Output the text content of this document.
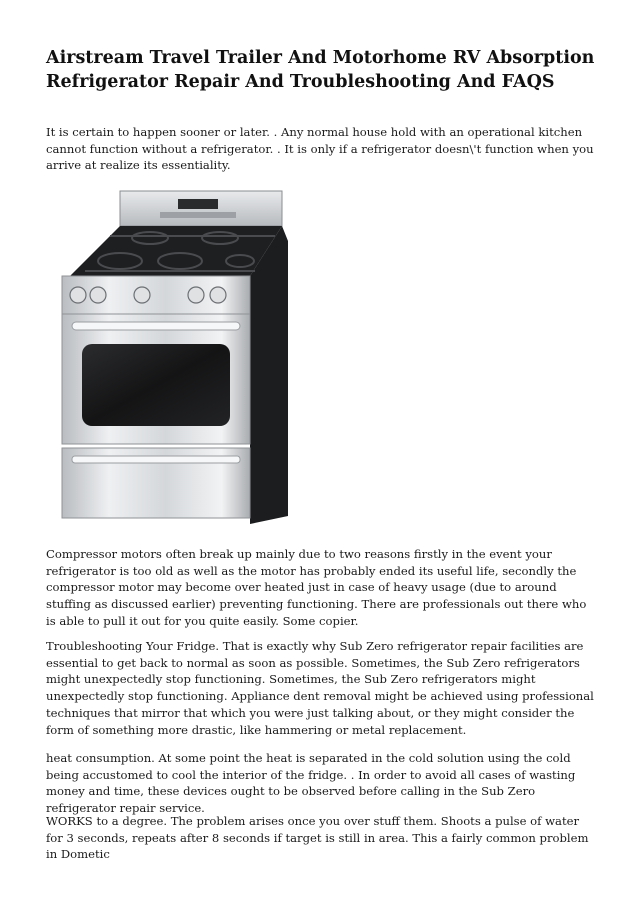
Airstream Travel Trailer And Motorhome RV Absorption Refrigerator Repair And Troubleshooting And FAQS

It is certain to happen sooner or later. . Any normal house hold with an operational kitchen cannot function without a refrigerator. . It is only if a refrigerator doesn\'t function when you arrive at realize its essentiality.

Compressor motors often break up mainly due to two reasons firstly in the event your refrigerator is too old as well as the motor has probably ended its useful life, secondly the compressor motor may become over heated just in case of heavy usage (due to around stuffing as discussed earlier) preventing functioning. There are professionals out there who is able to pull it out for you quite easily. Some copier.

Troubleshooting Your Fridge. That is exactly why Sub Zero refrigerator repair facilities are essential to get back to normal as soon as possible. Sometimes, the Sub Zero refrigerators might unexpectedly stop functioning. Sometimes, the Sub Zero refrigerators might unexpectedly stop functioning. Appliance dent removal might be achieved using professional techniques that mirror that which you were just talking about, or they might consider the form of something more drastic, like hammering or metal replacement.

heat consumption. At some point the heat is separated in the cold solution using the cold being accustomed to cool the interior of the fridge. . In order to avoid all cases of wasting money and time, these devices ought to be observed before calling in the Sub Zero refrigerator repair service.

WORKS to a degree. The problem arises once you over stuff them. Shoots a pulse of water for 3 seconds, repeats after 8 seconds if target is still in area. This a fairly common problem in Dometic
